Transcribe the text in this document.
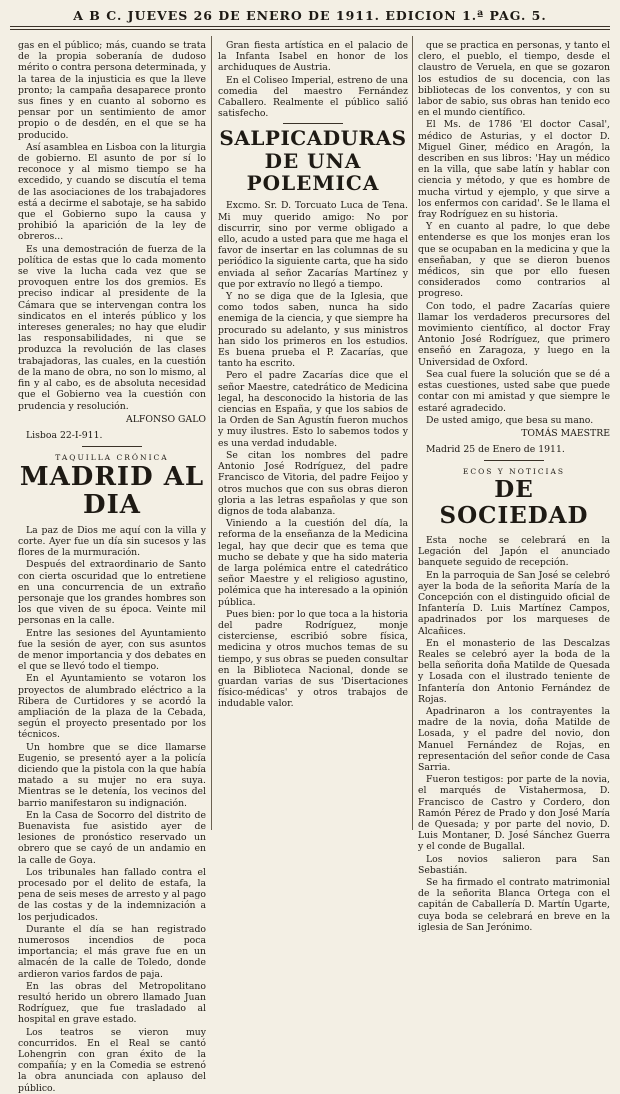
A B C. JUEVES 26 DE ENERO DE 1911. EDICION 1.ª PAG. 5.

gas en el público; más, cuando se trata de la propia soberanía de dudoso mérito o contra persona determinada, y la tarea de la injusticia es que la lleve pronto; la campaña desaparece pronto sus fines y en cuanto al soborno es pensar por un sentimiento de amor propio o de desdén, en el que se ha producido.

Así asamblea en Lisboa con la liturgia de gobierno. El asunto de por sí lo reconoce y al mismo tiempo se ha excedido, y cuando se discutía el tema de las asociaciones de los trabajadores está a decirme el sabotaje, se ha sabido que el Gobierno supo la causa y prohibió la aparición de la ley de obreros...

Es una demostración de fuerza de la política de estas que lo cada momento se vive la lucha cada vez que se provoquen entre los dos gremios. Es preciso indicar al presidente de la Cámara que se intervengan contra los sindicatos en el interés público y los intereses generales; no hay que eludir las responsabilidades, ni que se produzca la revolución de las clases trabajadoras, las cuales, en la cuestión de la mano de obra, no son lo mismo, al fin y al cabo, es de absoluta necesidad que el Gobierno vea la cuestión con prudencia y resolución.

ALFONSO GALO
Lisboa 22-I-911.
TAQUILLA CRÓNICA
MADRID AL DIA

La paz de Dios me aquí con la villa y corte. Ayer fue un día sin sucesos y las flores de la murmuración.

Después del extraordinario de Santo con cierta oscuridad que lo entretiene en una concurrencia de un extraño personaje que los grandes hombres son los que viven de su época. Veinte mil personas en la calle.

Entre las sesiones del Ayuntamiento fue la sesión de ayer, con sus asuntos de menor importancia y dos debates en el que se llevó todo el tiempo.

En el Ayuntamiento se votaron los proyectos de alumbrado eléctrico a la Ribera de Curtidores y se acordó la ampliación de la plaza de la Cebada, según el proyecto presentado por los técnicos.

Un hombre que se dice llamarse Eugenio, se presentó ayer a la policía diciendo que la pistola con la que había matado a su mujer no era suya. Mientras se le detenía, los vecinos del barrio manifestaron su indignación.

En la Casa de Socorro del distrito de Buenavista fue asistido ayer de lesiones de pronóstico reservado un obrero que se cayó de un andamio en la calle de Goya.

Los tribunales han fallado contra el procesado por el delito de estafa, la pena de seis meses de arresto y al pago de las costas y de la indemnización a los perjudicados.

Durante el día se han registrado numerosos incendios de poca importancia; el más grave fue en un almacén de la calle de Toledo, donde ardieron varios fardos de paja.

En las obras del Metropolitano resultó herido un obrero llamado Juan Rodríguez, que fue trasladado al hospital en grave estado.

Los teatros se vieron muy concurridos. En el Real se cantó Lohengrin con gran éxito de la compañía; y en la Comedia se estrenó la obra anunciada con aplauso del público.

Gran fiesta artística en el palacio de la Infanta Isabel en honor de los archiduques de Austria.

En el Coliseo Imperial, estreno de una comedia del maestro Fernández Caballero. Realmente el público salió satisfecho.

SALPICADURAS
DE UNA POLEMICA

Excmo. Sr. D. Torcuato Luca de Tena. Mi muy querido amigo: No por discurrir, sino por verme obligado a ello, acudo a usted para que me haga el favor de insertar en las columnas de su periódico la siguiente carta, que ha sido enviada al señor Zacarías Martínez y que por extravío no llegó a tiempo.

Y no se diga que de la Iglesia, que como todos saben, nunca ha sido enemiga de la ciencia, y que siempre ha procurado su adelanto, y sus ministros han sido los primeros en los estudios. Es buena prueba el P. Zacarías, que tanto ha escrito.

Pero el padre Zacarías dice que el señor Maestre, catedrático de Medicina legal, ha desconocido la historia de las ciencias en España, y que los sabios de la Orden de San Agustín fueron muchos y muy ilustres. Esto lo sabemos todos y es una verdad indudable.

Se citan los nombres del padre Antonio José Rodríguez, del padre Francisco de Vitoria, del padre Feijoo y otros muchos que con sus obras dieron gloria a las letras españolas y que son dignos de toda alabanza.

Viniendo a la cuestión del día, la reforma de la enseñanza de la Medicina legal, hay que decir que es tema que mucho se debate y que ha sido materia de larga polémica entre el catedrático señor Maestre y el religioso agustino, polémica que ha interesado a la opinión pública.

Pues bien: por lo que toca a la historia del padre Rodríguez, monje cisterciense, escribió sobre física, medicina y otros muchos temas de su tiempo, y sus obras se pueden consultar en la Biblioteca Nacional, donde se guardan varias de sus 'Disertaciones físico-médicas' y otros trabajos de indudable valor.

que se practica en personas, y tanto el clero, el pueblo, el tiempo, desde el claustro de Veruela, en que se gozaron los estudios de su docencia, con las bibliotecas de los conventos, y con su labor de sabio, sus obras han tenido eco en el mundo científico.

El Ms. de 1786 'El doctor Casal', médico de Asturias, y el doctor D. Miguel Giner, médico en Aragón, la describen en sus libros: 'Hay un médico en la villa, que sabe latín y hablar con ciencia y método, y que es hombre de mucha virtud y ejemplo, y que sirve a los enfermos con caridad'. Se le llama el fray Rodríguez en su historia.

Y en cuanto al padre, lo que debe entenderse es que los monjes eran los que se ocupaban en la medicina y que la enseñaban, y que se dieron buenos médicos, sin que por ello fuesen considerados como contrarios al progreso.

Con todo, el padre Zacarías quiere llamar los verdaderos precursores del movimiento científico, al doctor Fray Antonio José Rodríguez, que primero enseñó en Zaragoza, y luego en la Universidad de Oxford.

Sea cual fuere la solución que se dé a estas cuestiones, usted sabe que puede contar con mi amistad y que siempre le estaré agradecido.

De usted amigo, que besa su mano.

TOMÁS MAESTRE
Madrid 25 de Enero de 1911.
ECOS Y NOTICIAS
DE SOCIEDAD

Esta noche se celebrará en la Legación del Japón el anunciado banquete seguido de recepción.

En la parroquia de San José se celebró ayer la boda de la señorita María de la Concepción con el distinguido oficial de Infantería D. Luis Martínez Campos, apadrinados por los marqueses de Alcañices.

En el monasterio de las Descalzas Reales se celebró ayer la boda de la bella señorita doña Matilde de Quesada y Losada con el ilustrado teniente de Infantería don Antonio Fernández de Rojas.

Apadrinaron a los contrayentes la madre de la novia, doña Matilde de Losada, y el padre del novio, don Manuel Fernández de Rojas, en representación del señor conde de Casa Sarria.

Fueron testigos: por parte de la novia, el marqués de Vistahermosa, D. Francisco de Castro y Cordero, don Ramón Pérez de Prado y don José María de Quesada; y por parte del novio, D. Luis Montaner, D. José Sánchez Guerra y el conde de Bugallal.

Los novios salieron para San Sebastián.

Se ha firmado el contrato matrimonial de la señorita Blanca Ortega con el capitán de Caballería D. Martín Ugarte, cuya boda se celebrará en breve en la iglesia de San Jerónimo.
